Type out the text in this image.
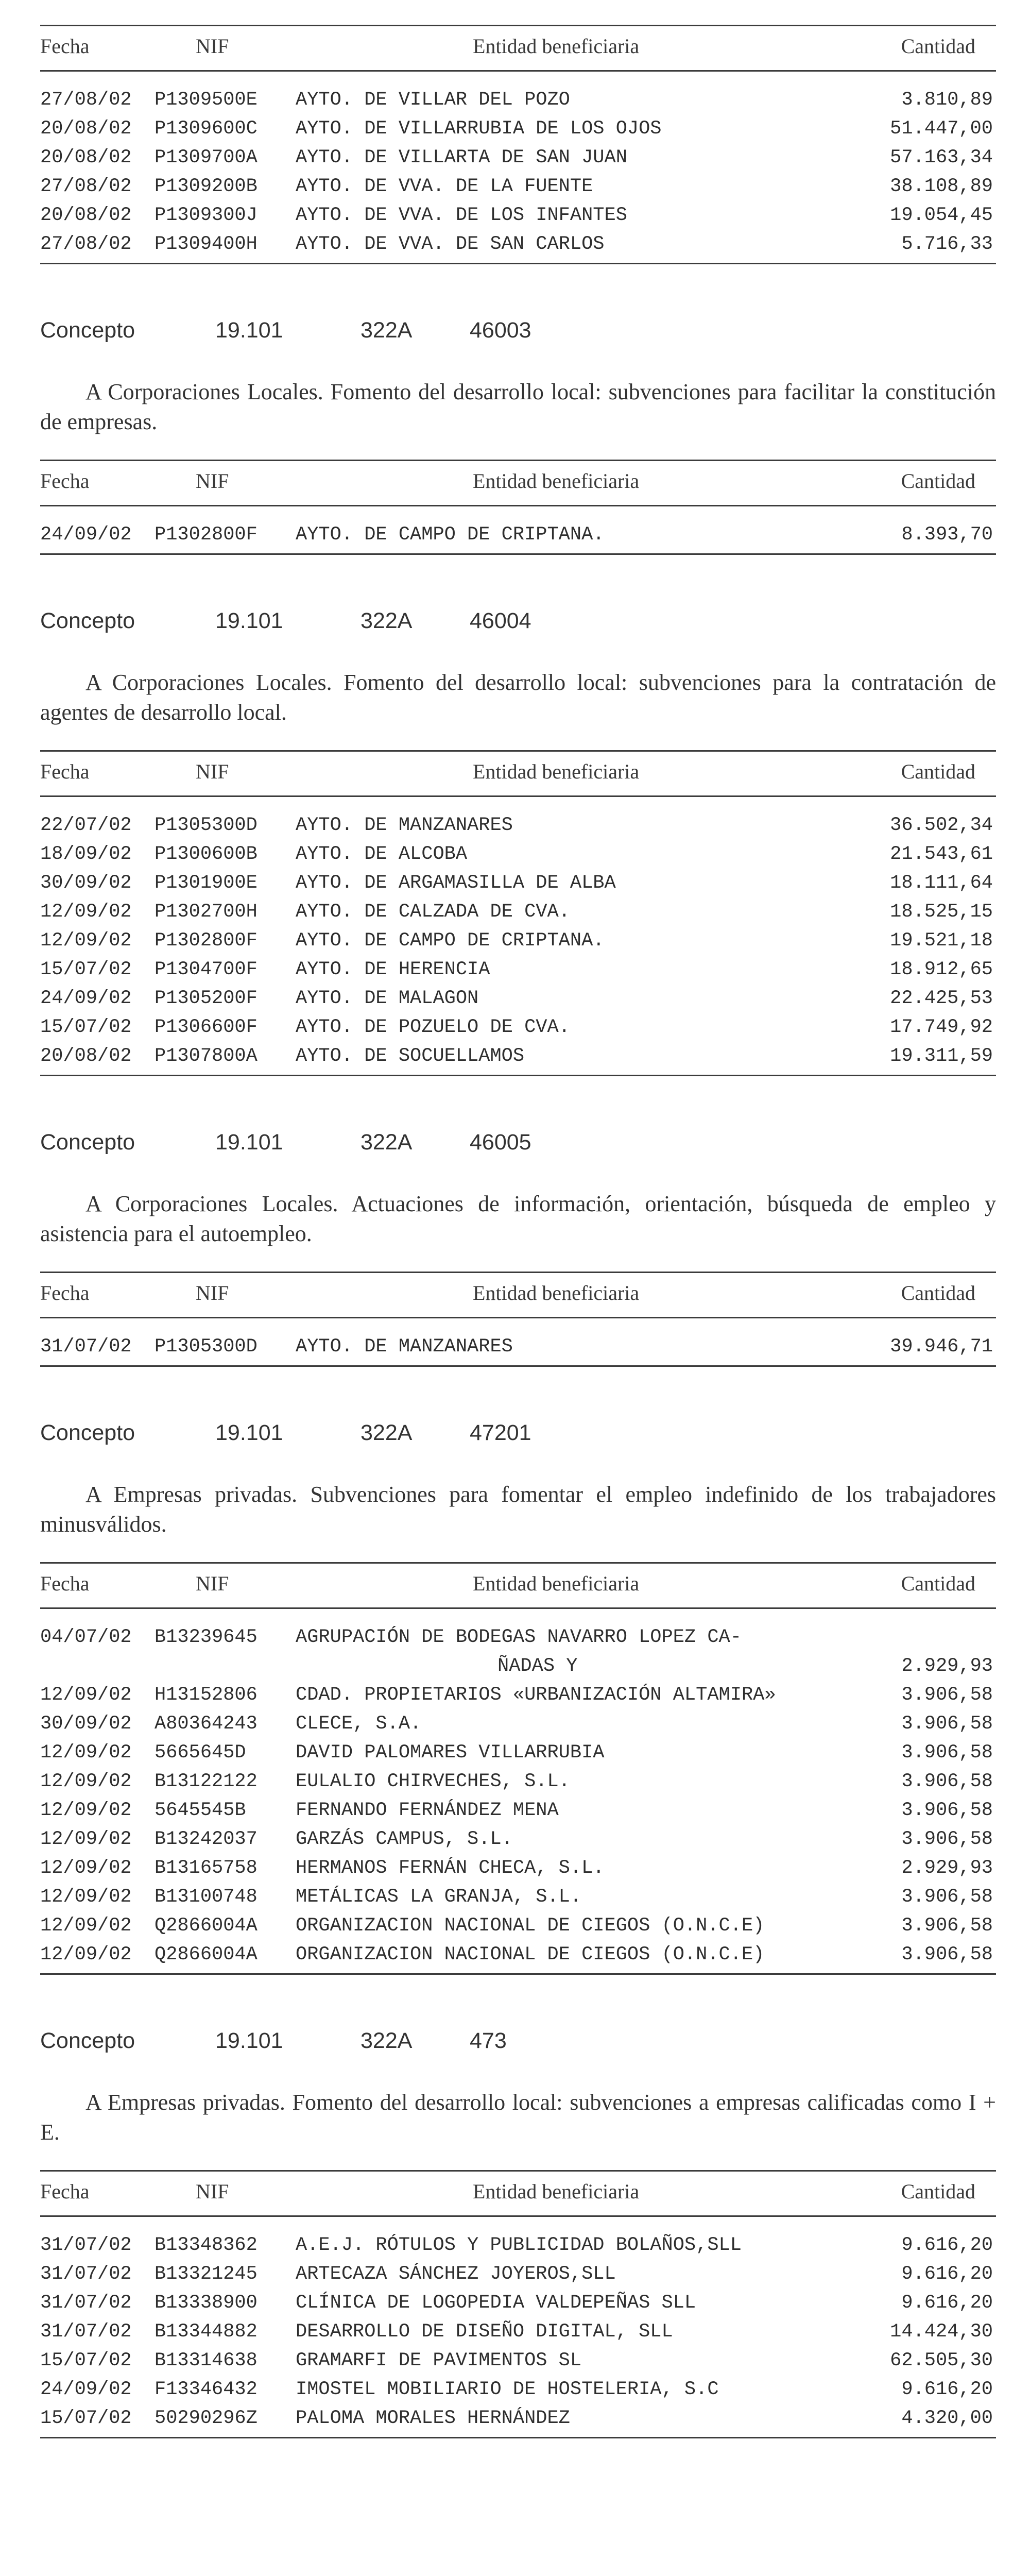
Fecha	NIF	Entidad beneficiaria	Cantidad
27/08/02 P1309500E AYTO. DE VILLAR DEL POZO	3.810,89
20/08/02 P1309600C AYTO. DE VILLARRUBIA DE LOS OJOS	51.447,00
20/08/02 P1309700A AYTO. DE VILLARTA DE SAN JUAN	57.163,34
27/08/02 P1309200B AYTO. DE VVA. DE LA FUENTE	38.108,89
20/08/02 P1309300J AYTO. DE VVA. DE LOS INFANTES	19.054,45
27/08/02 P1309400H AYTO. DE VVA. DE SAN CARLOS	5.716,33
Concepto	19.101	322A	46003
A Corporaciones Locales. Fomento del desarrollo local: subvenciones para facilitar la constitución de empresas.
Fecha	NIF	Entidad beneficiaria	Cantidad
24/09/02 P1302800F AYTO. DE CAMPO DE CRIPTANA.	8.393,70
Concepto	19.101	322A	46004
A Corporaciones Locales. Fomento del desarrollo local: subvenciones para la contratación de agentes de desarrollo local.
Fecha	NIF	Entidad beneficiaria	Cantidad
22/07/02 P1305300D AYTO. DE MANZANARES	36.502,34
18/09/02 P1300600B AYTO. DE ALCOBA	21.543,61
30/09/02 P1301900E AYTO. DE ARGAMASILLA DE ALBA	18.111,64
12/09/02 P1302700H AYTO. DE CALZADA DE CVA.	18.525,15
12/09/02 P1302800F AYTO. DE CAMPO DE CRIPTANA.	19.521,18
15/07/02 P1304700F AYTO. DE HERENCIA	18.912,65
24/09/02 P1305200F AYTO. DE MALAGON	22.425,53
15/07/02 P1306600F AYTO. DE POZUELO DE CVA.	17.749,92
20/08/02 P1307800A AYTO. DE SOCUELLAMOS	19.311,59
Concepto	19.101	322A	46005
A Corporaciones Locales. Actuaciones de información, orientación, búsqueda de empleo y asistencia para el autoempleo.
Fecha	NIF	Entidad beneficiaria	Cantidad
31/07/02 P1305300D AYTO. DE MANZANARES	39.946,71
Concepto	19.101	322A	47201
A Empresas privadas. Subvenciones para fomentar el empleo indefinido de los trabajadores minusválidos.
Fecha	NIF	Entidad beneficiaria	Cantidad
04/07/02 B13239645 AGRUPACIÓN DE BODEGAS NAVARRO LOPEZ CA-
ÑADAS Y	2.929,93
12/09/02 H13152806 CDAD. PROPIETARIOS «URBANIZACIÓN ALTAMIRA»	3.906,58
30/09/02 A80364243 CLECE, S.A.	3.906,58
12/09/02 5665645D	DAVID PALOMARES VILLARRUBIA	3.906,58
12/09/02 B13122122 EULALIO CHIRVECHES, S.L.	3.906,58
12/09/02 5645545B	FERNANDO FERNÁNDEZ MENA	3.906,58
12/09/02 B13242037 GARZÁS CAMPUS, S.L.	3.906,58
12/09/02 B13165758 HERMANOS FERNÁN CHECA, S.L.	2.929,93
12/09/02 B13100748 METÁLICAS LA GRANJA, S.L.	3.906,58
12/09/02 Q2866004A ORGANIZACION NACIONAL DE CIEGOS (O.N.C.E)	3.906,58
12/09/02 Q2866004A ORGANIZACION NACIONAL DE CIEGOS (O.N.C.E)	3.906,58
Concepto	19.101	322A	473
A Empresas privadas. Fomento del desarrollo local: subvenciones a empresas calificadas como I + E.
Fecha	NIF	Entidad beneficiaria	Cantidad
31/07/02 B13348362 A.E.J. RÓTULOS Y PUBLICIDAD BOLAÑOS,SLL	9.616,20
31/07/02 B13321245 ARTECAZA SÁNCHEZ JOYEROS,SLL	9.616,20
31/07/02 B13338900 CLÍNICA DE LOGOPEDIA VALDEPEÑAS SLL	9.616,20
31/07/02 B13344882 DESARROLLO DE DISEÑO DIGITAL, SLL	14.424,30
15/07/02 B13314638 GRAMARFI DE PAVIMENTOS SL	62.505,30
24/09/02 F13346432 IMOSTEL MOBILIARIO DE HOSTELERIA, S.C	9.616,20
15/07/02 50290296Z PALOMA MORALES HERNÁNDEZ	4.320,00
